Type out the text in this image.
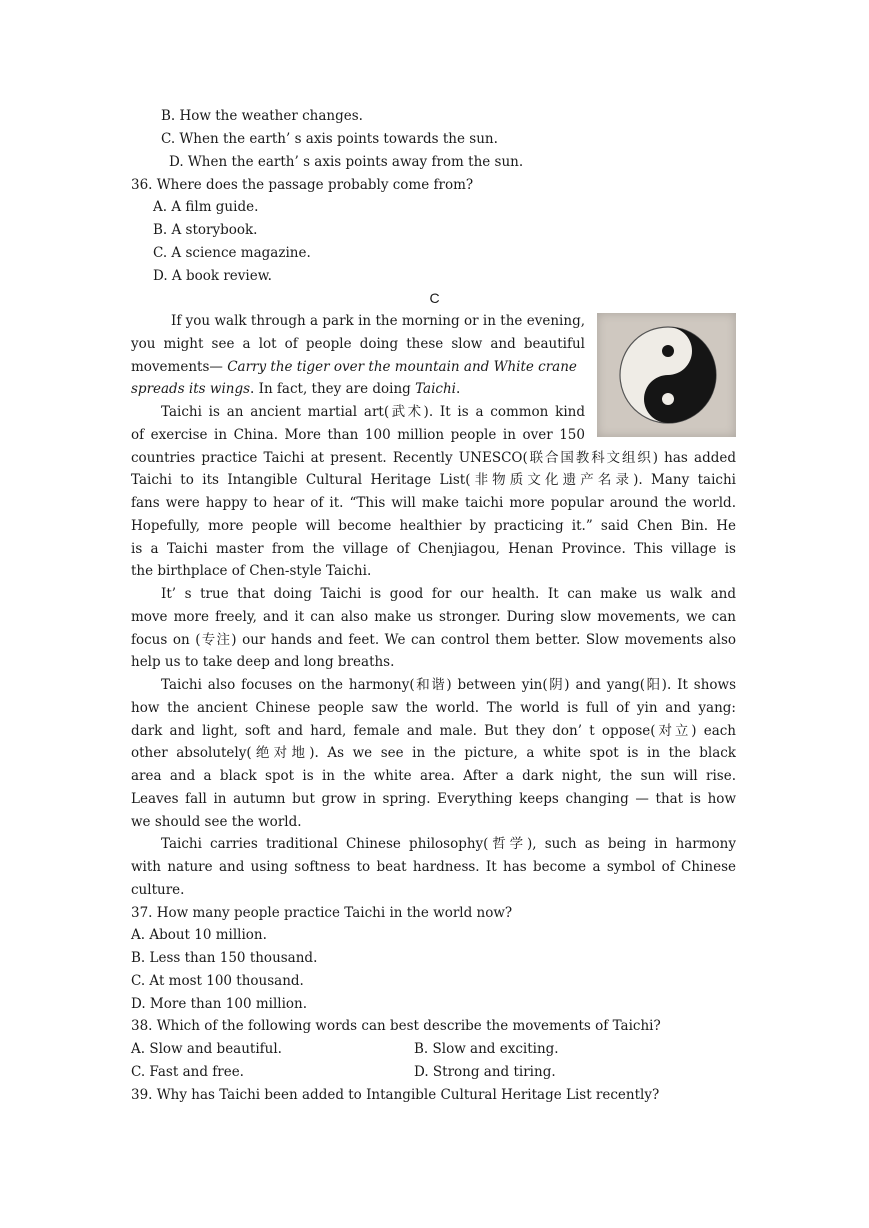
B. How the weather changes.
C. When the earth’ s axis points towards the sun.
D. When the earth’ s axis points away from the sun.
36. Where does the passage probably come from?
A. A film guide.
B. A storybook.
C. A science magazine.
D. A book review.
C
If you walk through a park in the morning or in the evening,
you might see a lot of people doing these slow and beautiful
movements— Carry the tiger over the mountain and White crane
spreads its wings. In fact, they are doing Taichi.
Taichi is an ancient martial art(武术). It is a common kind
of exercise in China. More than 100 million people in over 150
countries practice Taichi at present. Recently UNESCO(联合国教科文组织) has added
Taichi to its Intangible Cultural Heritage List(非物质文化遗产名录). Many taichi
fans were happy to hear of it. “This will make taichi more popular around the world.
Hopefully, more people will become healthier by practicing it.” said Chen Bin. He
is a Taichi master from the village of Chenjiagou, Henan Province. This village is
the birthplace of Chen-style Taichi.
It’ s true that doing Taichi is good for our health. It can make us walk and
move more freely, and it can also make us stronger. During slow movements, we can
focus on (专注) our hands and feet. We can control them better. Slow movements also
help us to take deep and long breaths.
Taichi also focuses on the harmony(和谐) between yin(阴) and yang(阳). It shows
how the ancient Chinese people saw the world. The world is full of yin and yang:
dark and light, soft and hard, female and male. But they don’ t oppose(对立) each
other absolutely(绝对地). As we see in the picture, a white spot is in the black
area and a black spot is in the white area. After a dark night, the sun will rise.
Leaves fall in autumn but grow in spring. Everything keeps changing — that is how
we should see the world.
Taichi carries traditional Chinese philosophy(哲学), such as being in harmony
with nature and using softness to beat hardness. It has become a symbol of Chinese
culture.
37. How many people practice Taichi in the world now?
A. About 10 million.
B. Less than 150 thousand.
C. At most 100 thousand.
D. More than 100 million.
38. Which of the following words can best describe the movements of Taichi?
A. Slow and beautiful.	B. Slow and exciting.
C. Fast and free.	D. Strong and tiring.
39. Why has Taichi been added to Intangible Cultural Heritage List recently?
